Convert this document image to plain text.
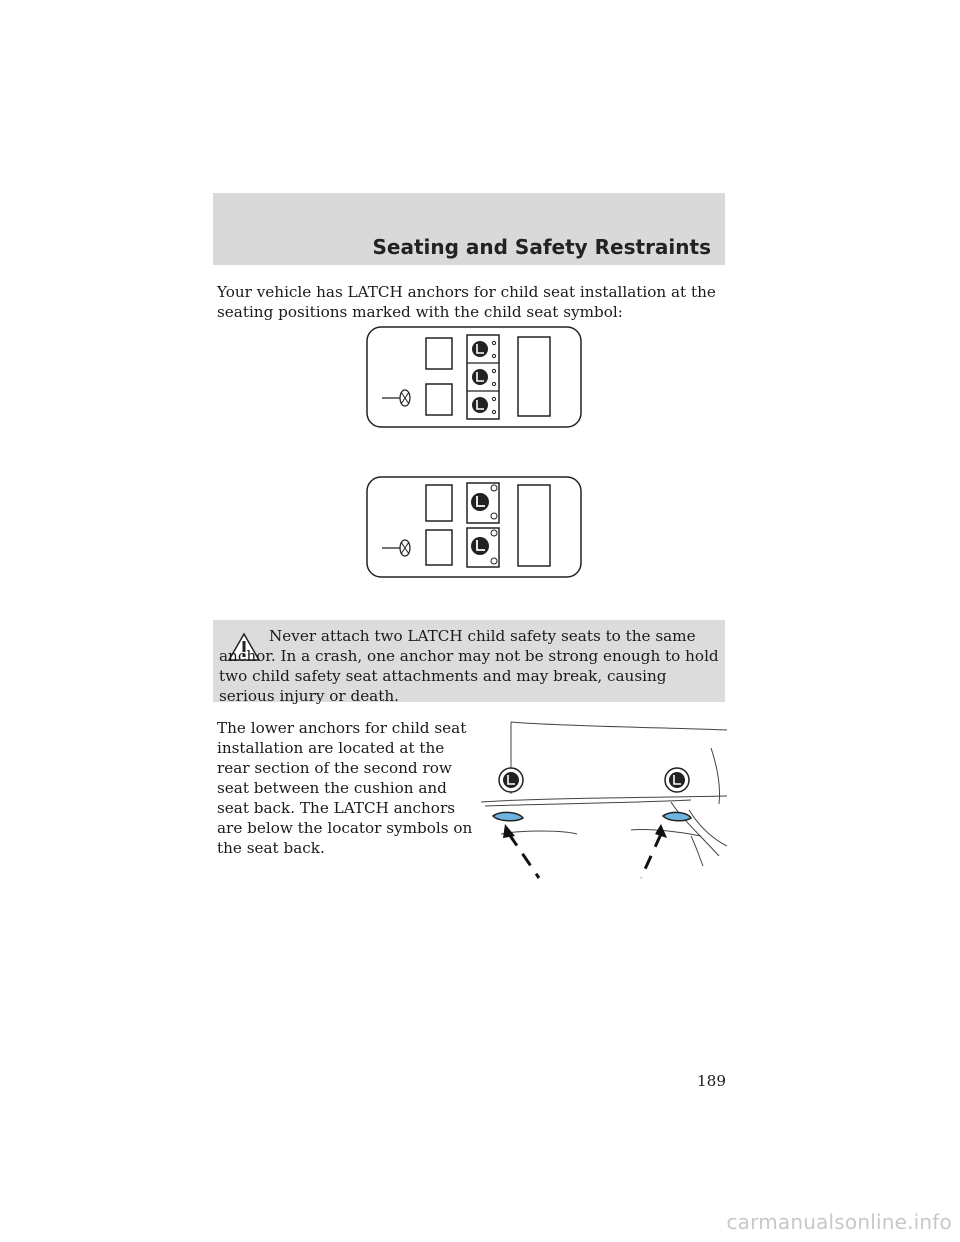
Seating and Safety Restraints
Your vehicle has LATCH anchors for child seat installation at the seating positions marked with the child seat symbol:
Never attach two LATCH child safety seats to the same anchor. In a crash, one anchor may not be strong enough to hold two child safety seat attachments and may break, causing serious injury or death.
The lower anchors for child seat installation are located at the rear section of the second row seat between the cushion and seat back. The LATCH anchors are below the locator symbols on the seat back.
189
carmanualsonline.info
